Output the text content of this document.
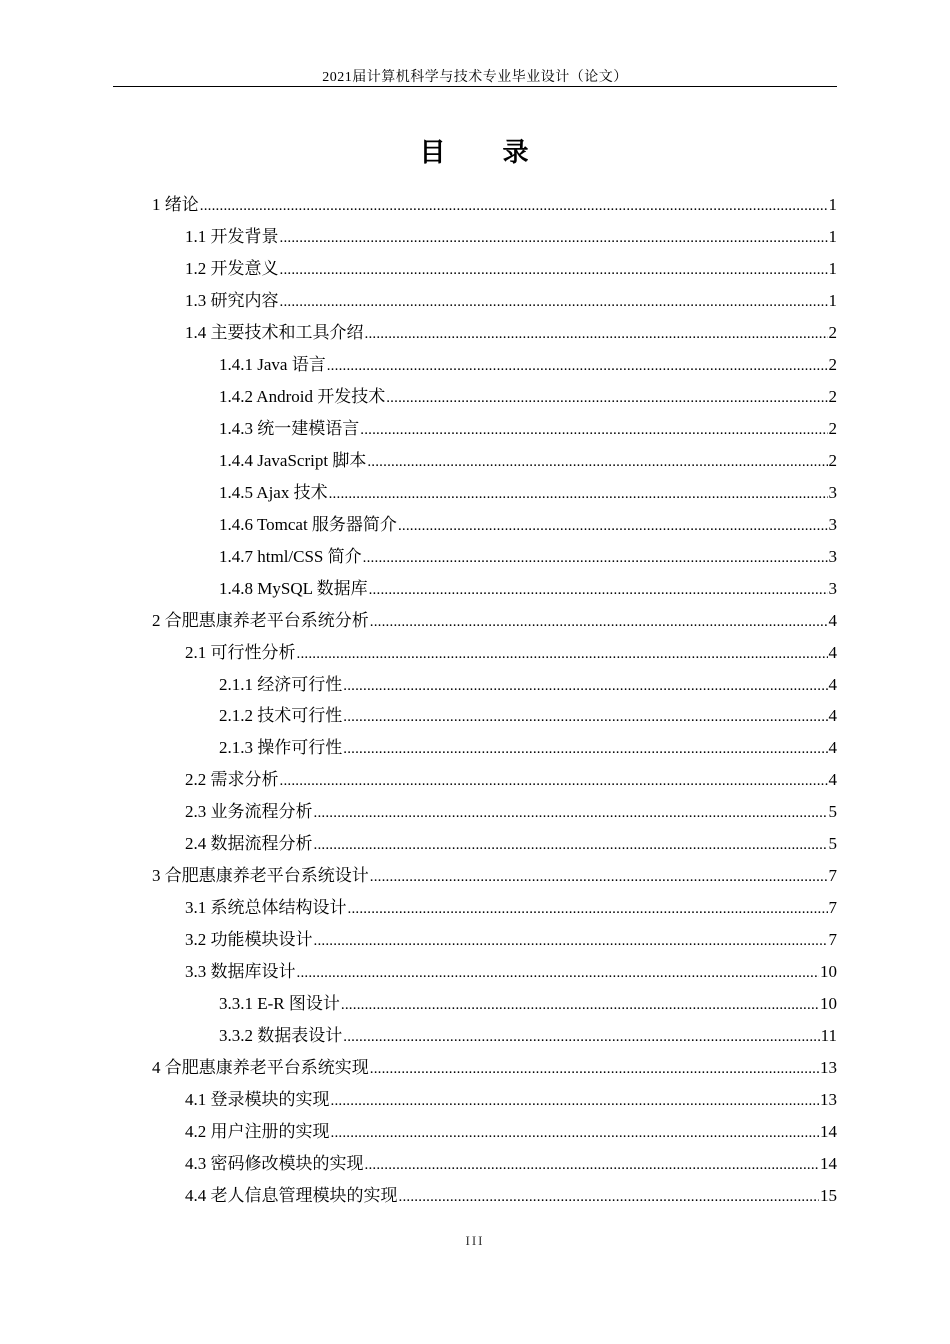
2021届计算机科学与技术专业毕业设计（论文）
目 录
1 绪论 .....	1
1.1 开发背景 .....	1
1.2 开发意义 .....	1
1.3 研究内容 .....	1
1.4 主要技术和工具介绍 .....	2
1.4.1 Java 语言 .....	2
1.4.2 Android 开发技术 .....	2
1.4.3 统一建模语言 .....	2
1.4.4 JavaScript 脚本 .....	2
1.4.5 Ajax 技术 .....	3
1.4.6 Tomcat 服务器简介 .....	3
1.4.7 html/CSS 简介 .....	3
1.4.8 MySQL 数据库 .....	3
2 合肥惠康养老平台系统分析 .....	4
2.1 可行性分析 .....	4
2.1.1 经济可行性 .....	4
2.1.2 技术可行性 .....	4
2.1.3 操作可行性 .....	4
2.2 需求分析 .....	4
2.3 业务流程分析 .....	5
2.4 数据流程分析 .....	5
3 合肥惠康养老平台系统设计 .....	7
3.1 系统总体结构设计 .....	7
3.2 功能模块设计 .....	7
3.3 数据库设计 .....	10
3.3.1 E-R 图设计 .....	10
3.3.2 数据表设计 .....	11
4 合肥惠康养老平台系统实现 .....	13
4.1 登录模块的实现 .....	13
4.2 用户注册的实现 .....	14
4.3 密码修改模块的实现 .....	14
4.4 老人信息管理模块的实现 .....	15
III
